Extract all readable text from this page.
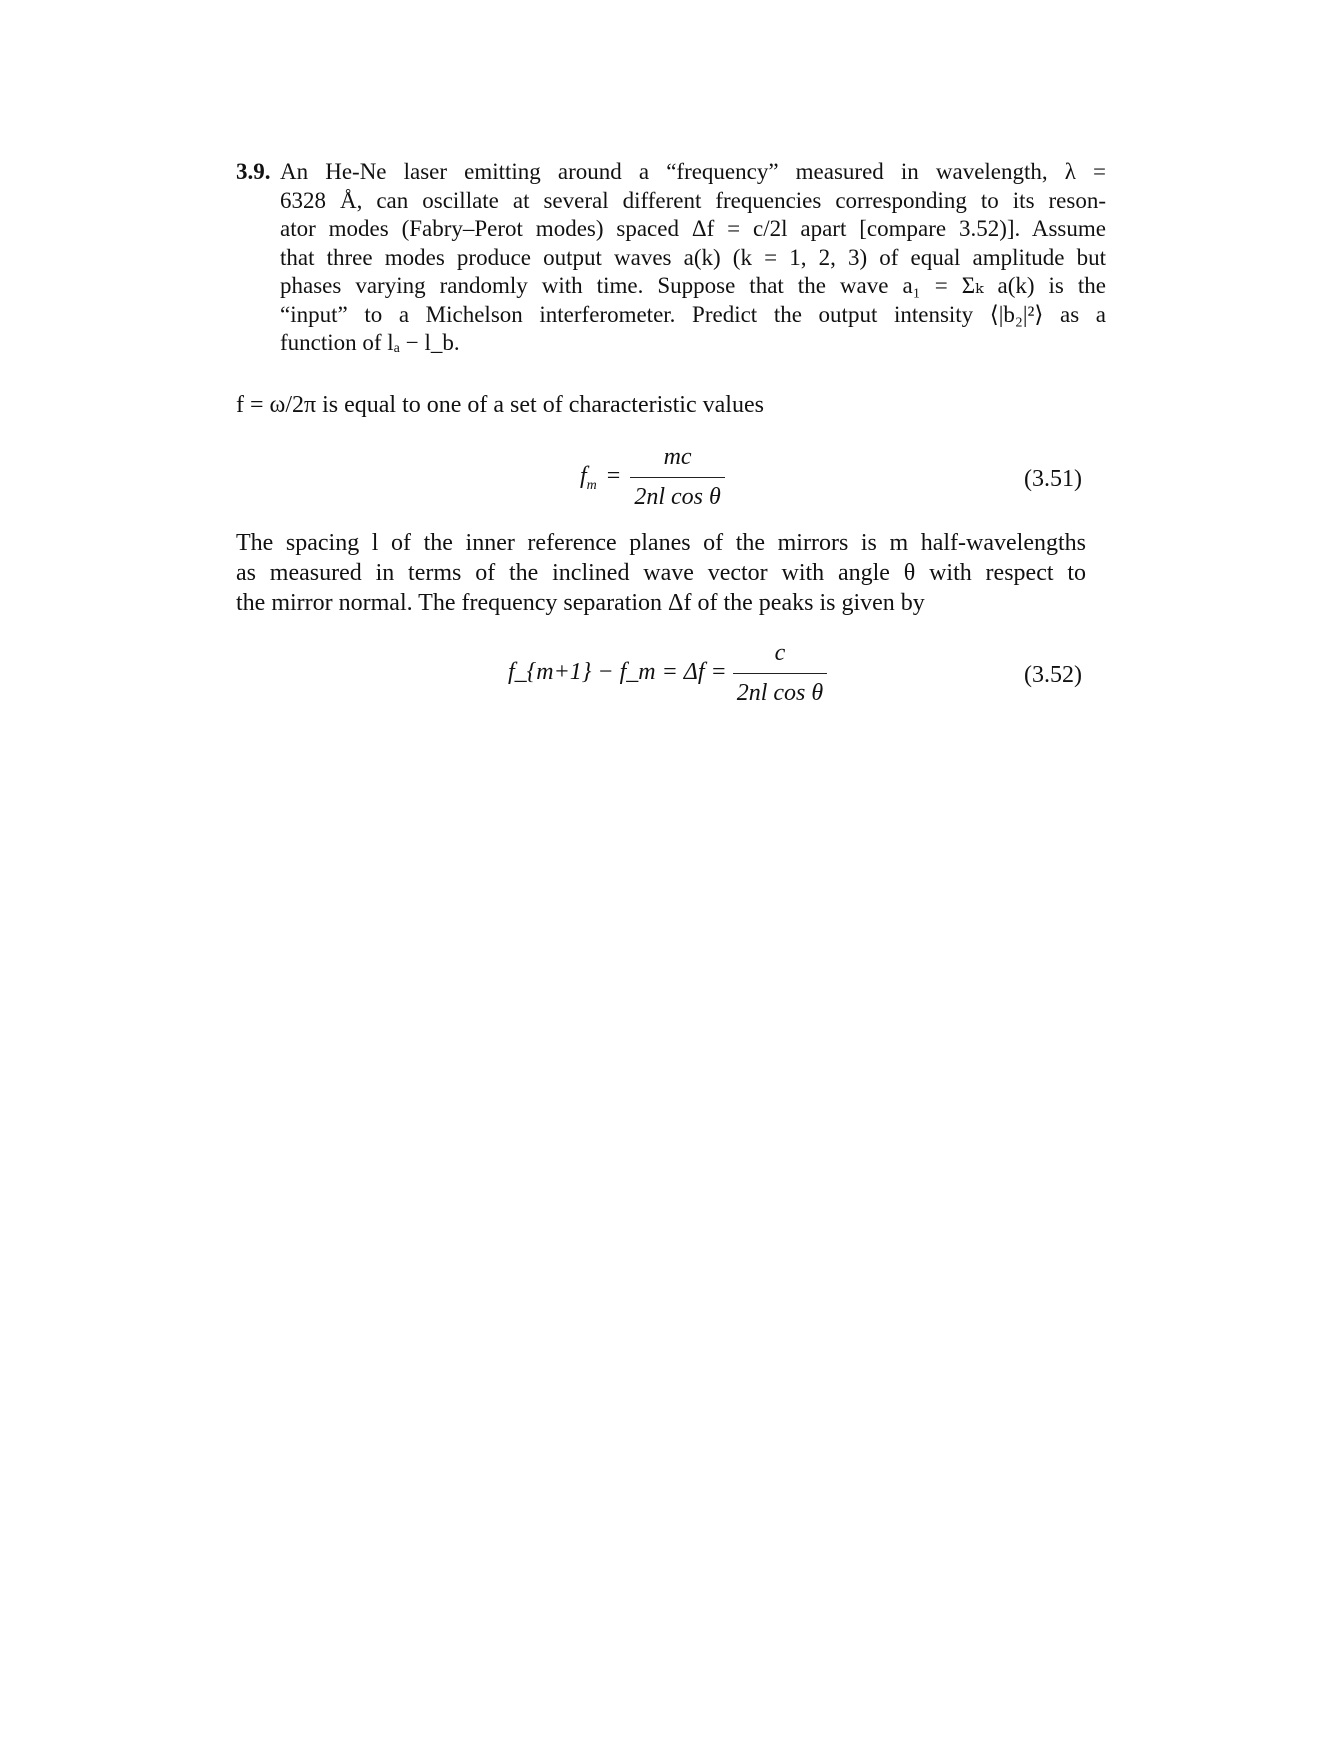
3.9. An He-Ne laser emitting around a “frequency” measured in wavelength, λ =
6328 Å, can oscillate at several different frequencies corresponding to its reson-
ator modes (Fabry–Perot modes) spaced Δf = c/2l apart [compare 3.52)]. Assume
that three modes produce output waves a(k) (k = 1, 2, 3) of equal amplitude but
phases varying randomly with time. Suppose that the wave a₁ = Σₖ a(k) is the
“input” to a Michelson interferometer. Predict the output intensity ⟨|b₂|²⟩ as a
function of lₐ − l_b.
f = ω/2π is equal to one of a set of characteristic values
$f_m = \frac{mc}{\text{2nl cos θ}}$	(3.51)
The spacing l of the inner reference planes of the mirrors is m half-wavelengths
as measured in terms of the inclined wave vector with angle θ with respect to
the mirror normal. The frequency separation Δf of the peaks is given by
f_{m+1} − f_m = $\Delta f = \frac{c}{\text{2nl cos θ}}$	(3.52)
